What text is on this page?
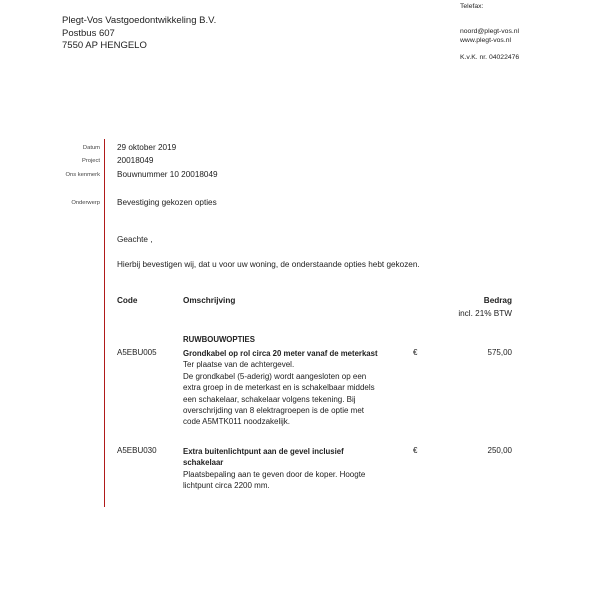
Plegt-Vos Vastgoedontwikkeling B.V.
Postbus 607
7550 AP HENGELO
Telefax:
noord@plegt-vos.nl
www.plegt-vos.nl
K.v.K. nr. 04022476
Datum 29 oktober 2019
Project 20018049
Ons kenmerk Bouwnummer 10 20018049
Onderwerp Bevestiging gekozen opties
Geachte ,
Hierbij bevestigen wij, dat u voor uw woning, de onderstaande opties hebt gekozen.
Code	Omschrijving	Bedrag
incl. 21% BTW
RUWBOUWOPTIES
A5EBU005	Grondkabel op rol circa 20 meter vanaf de meterkast
Ter plaatse van de achtergevel.
De grondkabel (5-aderig) wordt aangesloten op een
extra groep in de meterkast en is schakelbaar middels
een schakelaar, schakelaar volgens tekening. Bij
overschrijding van 8 elektragroepen is de optie met
code A5MTK011 noodzakelijk.
€	575,00
A5EBU030	Extra buitenlichtpunt aan de gevel inclusief
schakelaar
Plaatsbepaling aan te geven door de koper. Hoogte
lichtpunt circa 2200 mm.
€	250,00
